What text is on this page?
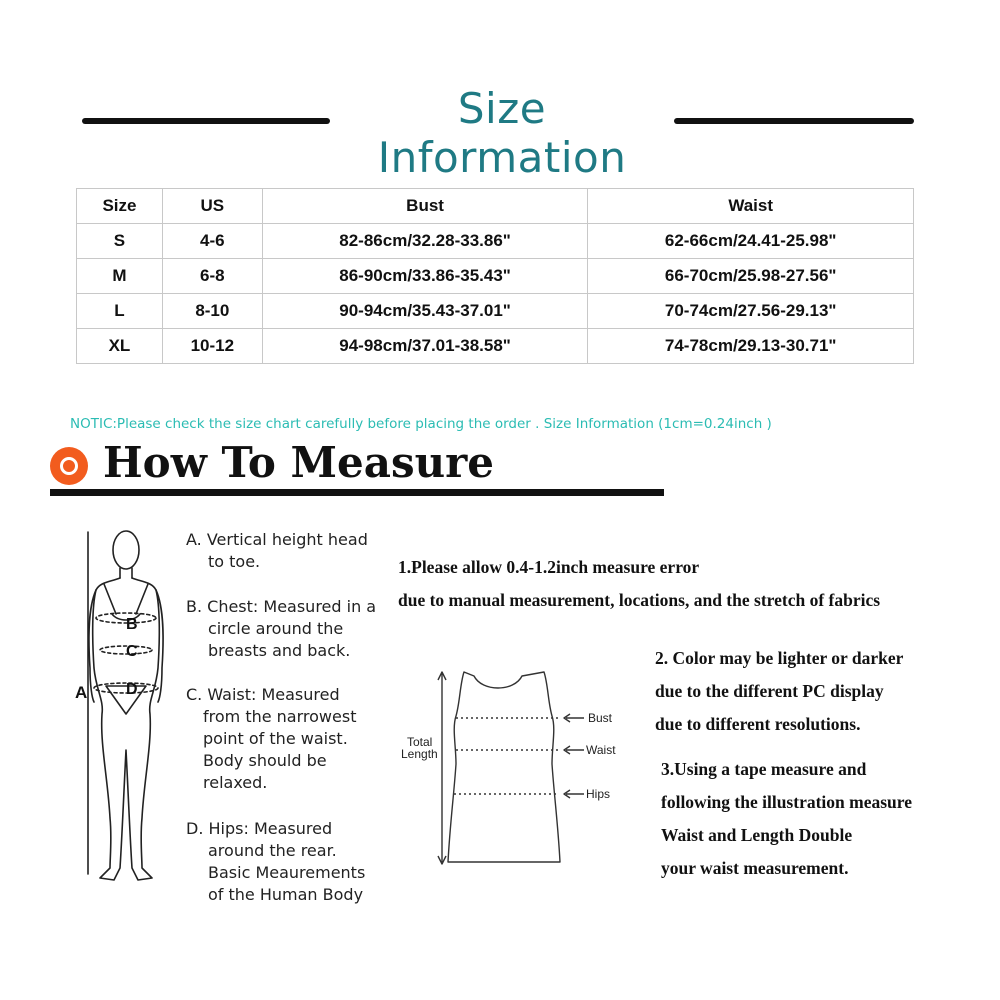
Size Information
Size	US	Bust	Waist
S	4-6	82-86cm/32.28-33.86"	62-66cm/24.41-25.98"
M	6-8	86-90cm/33.86-35.43"	66-70cm/25.98-27.56"
L	8-10	90-94cm/35.43-37.01"	70-74cm/27.56-29.13"
XL	10-12	94-98cm/37.01-38.58"	74-78cm/29.13-30.71"
NOTIC:Please check the size chart carefully before placing the order . Size Information (1cm=0.24inch )
How To Measure
A
B
C
D
A. Vertical height head
to toe.
B. Chest: Measured in a
circle around the
breasts and back.
C. Waist: Measured
from the narrowest
point of the waist.
Body should be
relaxed.
D. Hips: Measured
around the rear.
Basic Meaurements
of the Human Body
1.Please allow 0.4-1.2inch measure error
due to manual measurement, locations, and the stretch of fabrics
2. Color may be lighter or darker
due to the different PC display
due to different resolutions.
3.Using a tape measure and
following the illustration measure
Waist and Length Double
your waist measurement.
Total
Length
Bust
Waist
Hips
